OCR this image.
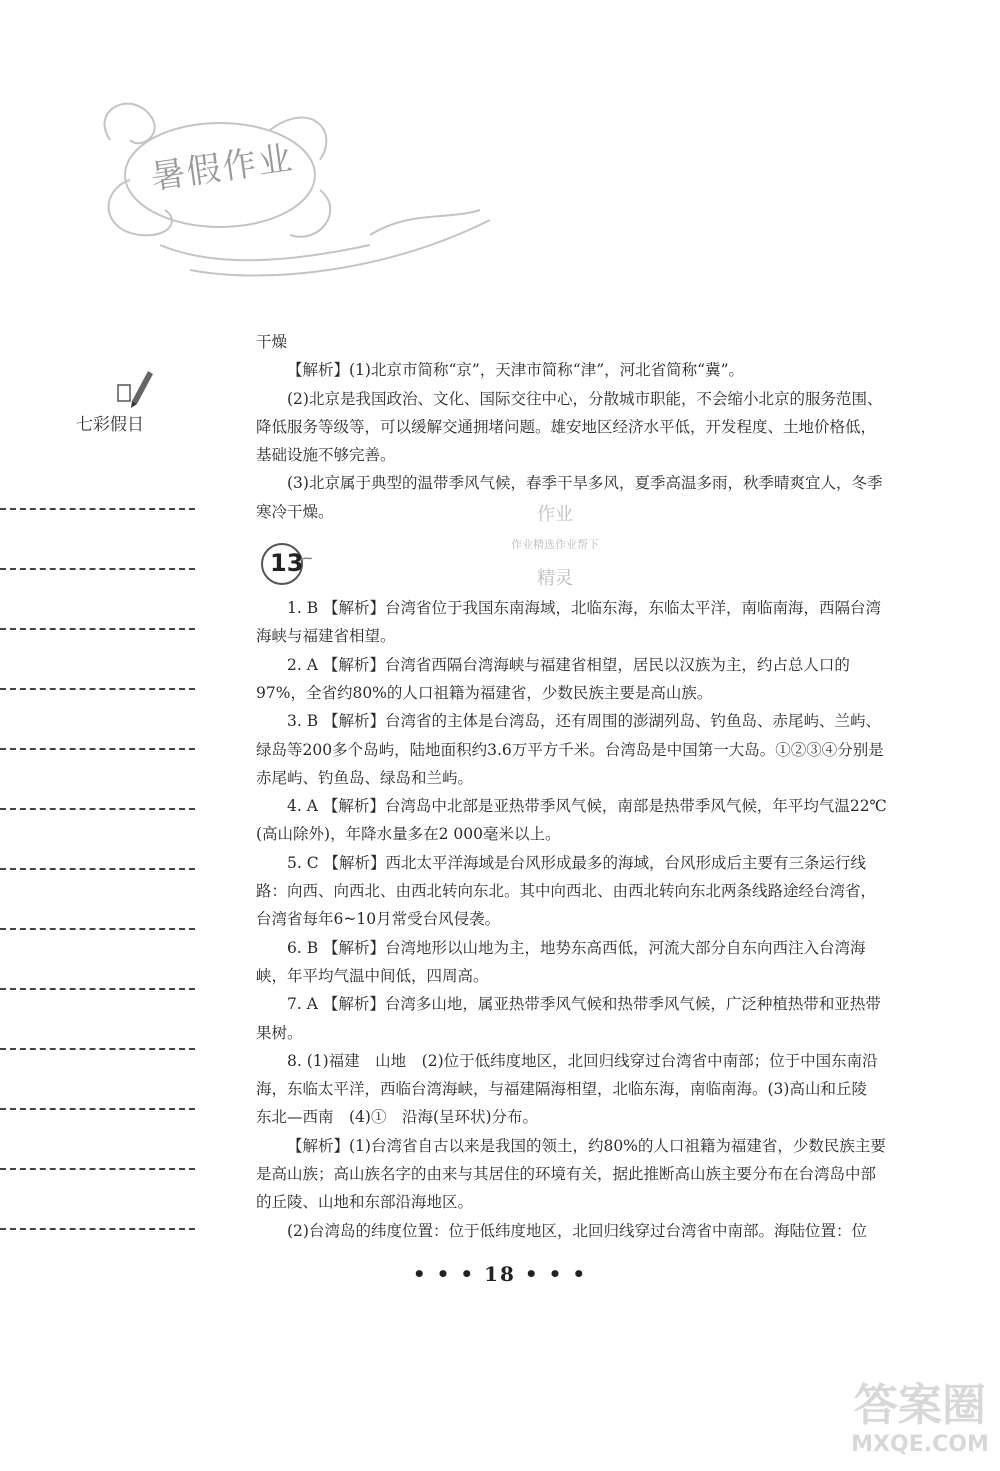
暑假作业
七彩假日

干燥

【解析】(1)北京市简称“京”，天津市简称“津”，河北省简称“冀”。

(2)北京是我国政治、文化、国际交往中心，分散城市职能，不会缩小北京的服务范围、降低服务等级等，可以缓解交通拥堵问题。雄安地区经济水平低，开发程度、土地价格低，基础设施不够完善。

(3)北京属于典型的温带季风气候，春季干旱多风，夏季高温多雨，秋季晴爽宜人，冬季寒冷干燥。

13

1. B 【解析】台湾省位于我国东南海域，北临东海，东临太平洋，南临南海，西隔台湾海峡与福建省相望。

2. A 【解析】台湾省西隔台湾海峡与福建省相望，居民以汉族为主，约占总人口的97%，全省约80%的人口祖籍为福建省，少数民族主要是高山族。

3. B 【解析】台湾省的主体是台湾岛，还有周围的澎湖列岛、钓鱼岛、赤尾屿、兰屿、绿岛等200多个岛屿，陆地面积约3.6万平方千米。台湾岛是中国第一大岛。①②③④分别是赤尾屿、钓鱼岛、绿岛和兰屿。

4. A 【解析】台湾岛中北部是亚热带季风气候，南部是热带季风气候，年平均气温22℃(高山除外)，年降水量多在2 000毫米以上。

5. C 【解析】西北太平洋海域是台风形成最多的海域，台风形成后主要有三条运行线路：向西、向西北、由西北转向东北。其中向西北、由西北转向东北两条线路途经台湾省，台湾省每年6~10月常受台风侵袭。

6. B 【解析】台湾地形以山地为主，地势东高西低，河流大部分自东向西注入台湾海峡，年平均气温中间低，四周高。

7. A 【解析】台湾多山地，属亚热带季风气候和热带季风气候，广泛种植热带和亚热带果树。

8. (1)福建　山地　(2)位于低纬度地区，北回归线穿过台湾省中南部；位于中国东南沿海，东临太平洋，西临台湾海峡，与福建隔海相望，北临东海，南临南海。(3)高山和丘陵　东北—西南　(4)①　沿海(呈环状)分布。

【解析】(1)台湾省自古以来是我国的领土，约80%的人口祖籍为福建省，少数民族主要是高山族；高山族名字的由来与其居住的环境有关，据此推断高山族主要分布在台湾岛中部的丘陵、山地和东部沿海地区。

(2)台湾岛的纬度位置：位于低纬度地区，北回归线穿过台湾省中南部。海陆位置：位

作业
作业精选作业帮下
精灵
• • • 18 • • •
答案圈
MXQE.COM
